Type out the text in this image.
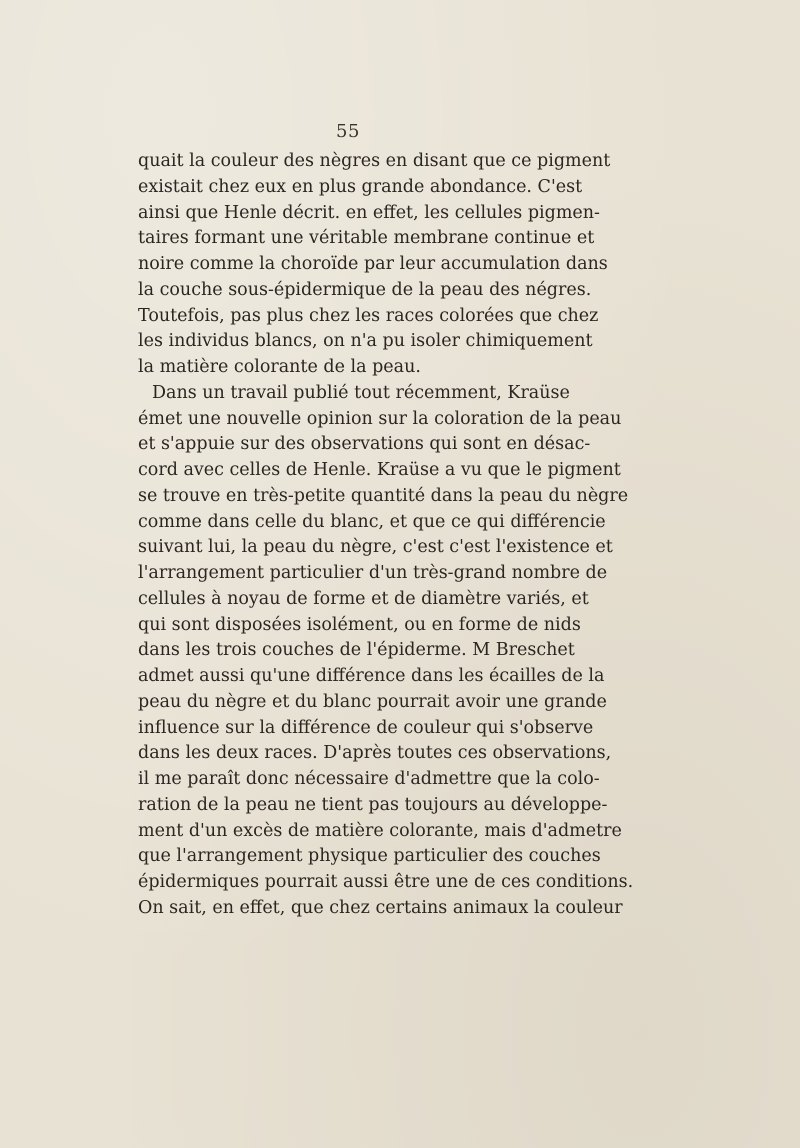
55
quait la couleur des nègres en disant que ce pigment
existait chez eux en plus grande abondance. C'est
ainsi que Henle décrit. en effet, les cellules pigmen-
taires formant une véritable membrane continue et
noire comme la choroïde par leur accumulation dans
la couche sous-épidermique de la peau des négres.
Toutefois, pas plus chez les races colorées que chez
les individus blancs, on n'a pu isoler chimiquement
la matière colorante de la peau.
Dans un travail publié tout récemment, Kraüse
émet une nouvelle opinion sur la coloration de la peau
et s'appuie sur des observations qui sont en désac-
cord avec celles de Henle. Kraüse a vu que le pigment
se trouve en très-petite quantité dans la peau du nègre
comme dans celle du blanc, et que ce qui différencie
suivant lui, la peau du nègre, c'est c'est l'existence et
l'arrangement particulier d'un très-grand nombre de
cellules à noyau de forme et de diamètre variés, et
qui sont disposées isolément, ou en forme de nids
dans les trois couches de l'épiderme. M Breschet
admet aussi qu'une différence dans les écailles de la
peau du nègre et du blanc pourrait avoir une grande
influence sur la différence de couleur qui s'observe
dans les deux races. D'après toutes ces observations,
il me paraît donc nécessaire d'admettre que la colo-
ration de la peau ne tient pas toujours au développe-
ment d'un excès de matière colorante, mais d'admetre
que l'arrangement physique particulier des couches
épidermiques pourrait aussi être une de ces conditions.
On sait, en effet, que chez certains animaux la couleur
